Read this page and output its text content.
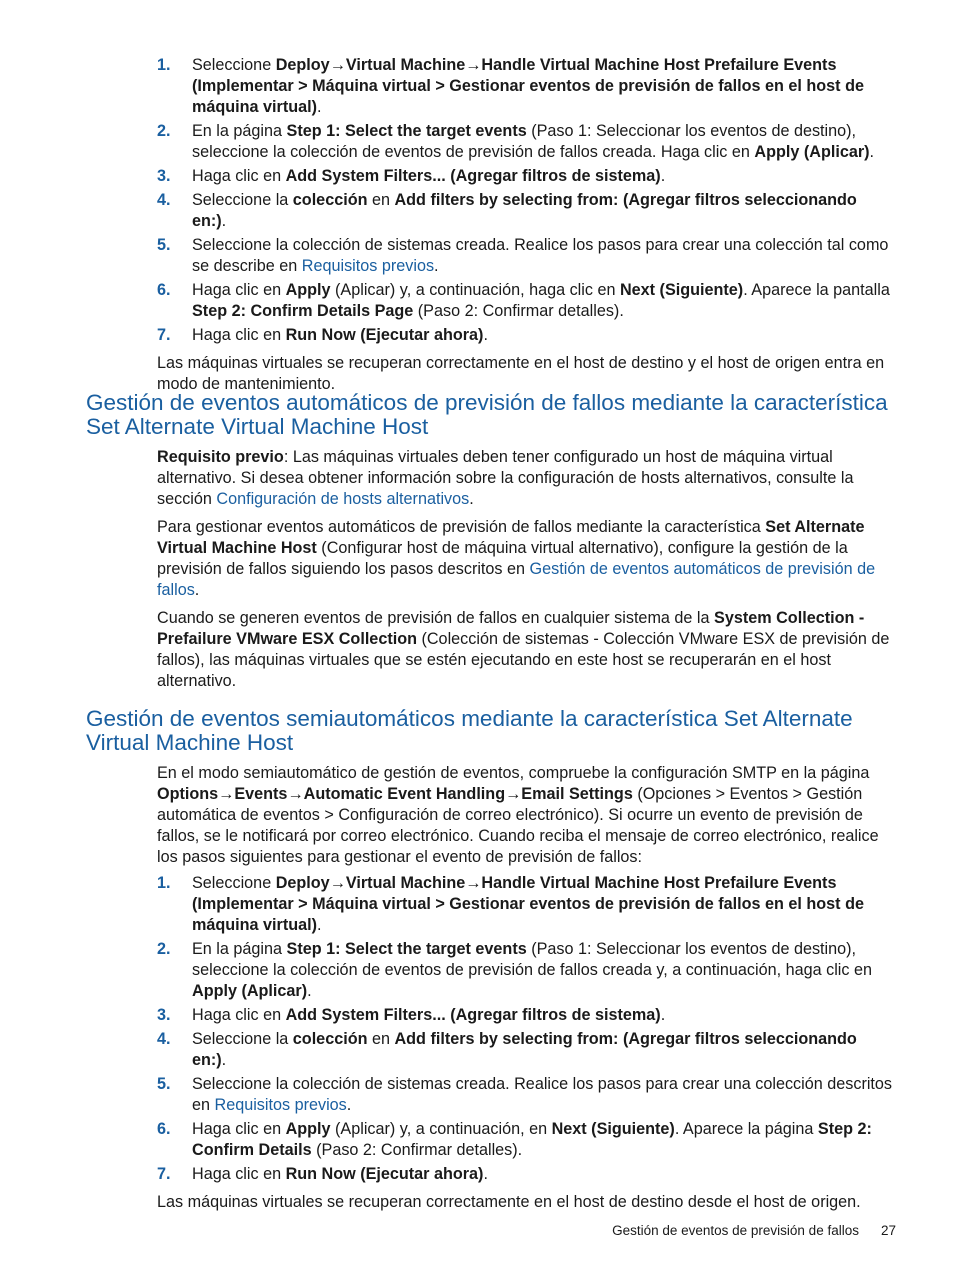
1. Seleccione Deploy→Virtual Machine→Handle Virtual Machine Host Prefailure Events (Implementar > Máquina virtual > Gestionar eventos de previsión de fallos en el host de máquina virtual).
2. En la página Step 1: Select the target events (Paso 1: Seleccionar los eventos de destino), seleccione la colección de eventos de previsión de fallos creada. Haga clic en Apply (Aplicar).
3. Haga clic en Add System Filters... (Agregar filtros de sistema).
4. Seleccione la colección en Add filters by selecting from: (Agregar filtros seleccionando en:).
5. Seleccione la colección de sistemas creada. Realice los pasos para crear una colección tal como se describe en Requisitos previos.
6. Haga clic en Apply (Aplicar) y, a continuación, haga clic en Next (Siguiente). Aparece la pantalla Step 2: Confirm Details Page (Paso 2: Confirmar detalles).
7. Haga clic en Run Now (Ejecutar ahora).

Las máquinas virtuales se recuperan correctamente en el host de destino y el host de origen entra en modo de mantenimiento.

Gestión de eventos automáticos de previsión de fallos mediante la característica Set Alternate Virtual Machine Host

Requisito previo: Las máquinas virtuales deben tener configurado un host de máquina virtual alternativo. Si desea obtener información sobre la configuración de hosts alternativos, consulte la sección Configuración de hosts alternativos.

Para gestionar eventos automáticos de previsión de fallos mediante la característica Set Alternate Virtual Machine Host (Configurar host de máquina virtual alternativo), configure la gestión de la previsión de fallos siguiendo los pasos descritos en Gestión de eventos automáticos de previsión de fallos.

Cuando se generen eventos de previsión de fallos en cualquier sistema de la System Collection - Prefailure VMware ESX Collection (Colección de sistemas - Colección VMware ESX de previsión de fallos), las máquinas virtuales que se estén ejecutando en este host se recuperarán en el host alternativo.

Gestión de eventos semiautomáticos mediante la característica Set Alternate Virtual Machine Host

En el modo semiautomático de gestión de eventos, compruebe la configuración SMTP en la página Options→Events→Automatic Event Handling→Email Settings (Opciones > Eventos > Gestión automática de eventos > Configuración de correo electrónico). Si ocurre un evento de previsión de fallos, se le notificará por correo electrónico. Cuando reciba el mensaje de correo electrónico, realice los pasos siguientes para gestionar el evento de previsión de fallos:

1. Seleccione Deploy→Virtual Machine→Handle Virtual Machine Host Prefailure Events (Implementar > Máquina virtual > Gestionar eventos de previsión de fallos en el host de máquina virtual).
2. En la página Step 1: Select the target events (Paso 1: Seleccionar los eventos de destino), seleccione la colección de eventos de previsión de fallos creada y, a continuación, haga clic en Apply (Aplicar).
3. Haga clic en Add System Filters... (Agregar filtros de sistema).
4. Seleccione la colección en Add filters by selecting from: (Agregar filtros seleccionando en:).
5. Seleccione la colección de sistemas creada. Realice los pasos para crear una colección descritos en Requisitos previos.
6. Haga clic en Apply (Aplicar) y, a continuación, en Next (Siguiente). Aparece la página Step 2: Confirm Details (Paso 2: Confirmar detalles).
7. Haga clic en Run Now (Ejecutar ahora).

Las máquinas virtuales se recuperan correctamente en el host de destino desde el host de origen.

Gestión de eventos de previsión de fallos 27
